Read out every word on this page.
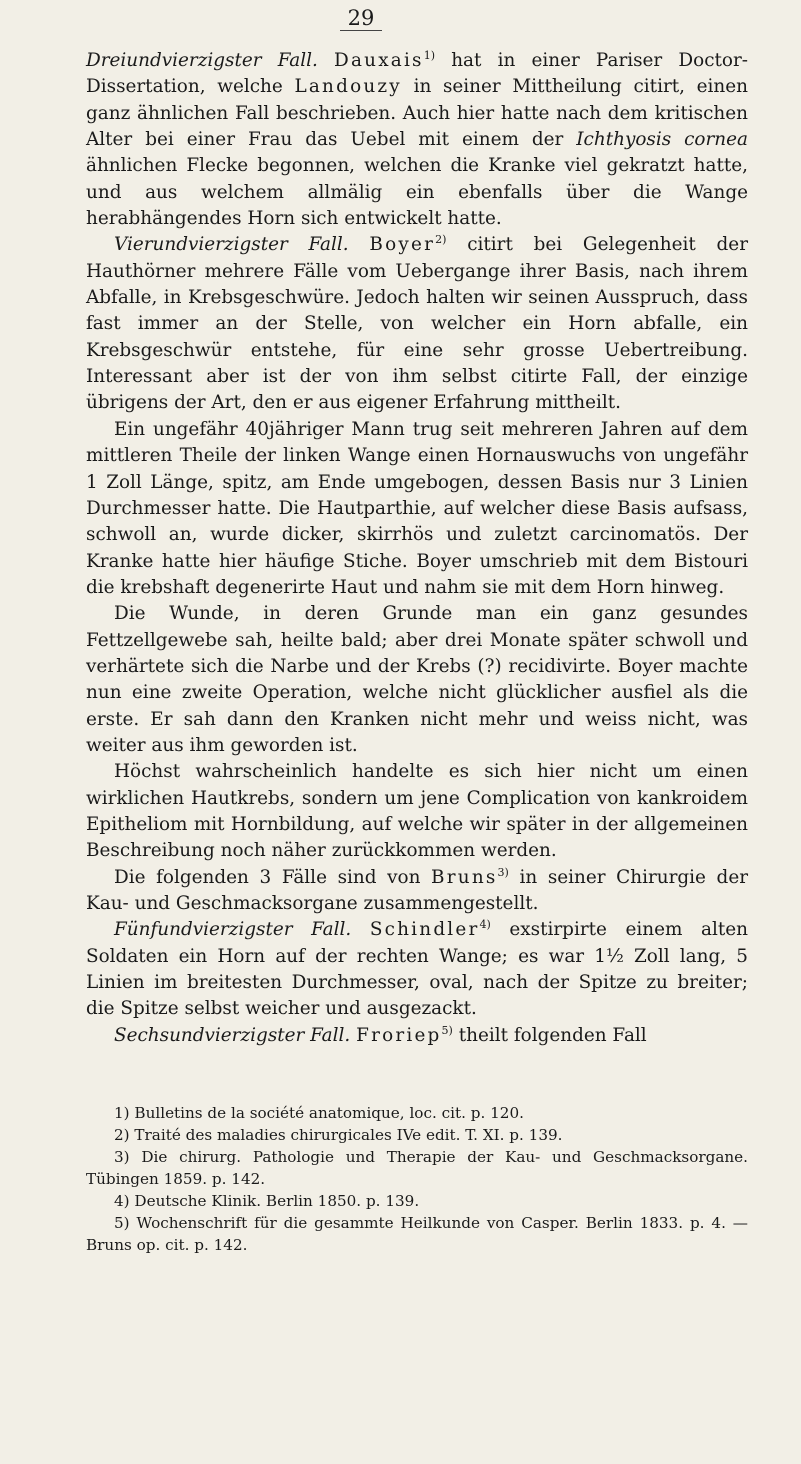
29

Dreiundvierzigster Fall. Dauxais$^{1)}$ hat in einer Pariser Doctor-Dissertation, welche Landouzy in seiner Mittheilung citirt, einen ganz ähnlichen Fall beschrieben. Auch hier hatte nach dem kritischen Alter bei einer Frau das Uebel mit einem der Ichthyosis cornea ähnlichen Flecke begonnen, welchen die Kranke viel gekratzt hatte, und aus welchem allmälig ein ebenfalls über die Wange herabhängendes Horn sich entwickelt hatte.

Vierundvierzigster Fall. Boyer$^{2)}$ citirt bei Gelegenheit der Hauthörner mehrere Fälle vom Uebergange ihrer Basis, nach ihrem Abfalle, in Krebsgeschwüre. Jedoch halten wir seinen Ausspruch, dass fast immer an der Stelle, von welcher ein Horn abfalle, ein Krebsgeschwür entstehe, für eine sehr grosse Uebertreibung. Interessant aber ist der von ihm selbst citirte Fall, der einzige übrigens der Art, den er aus eigener Erfahrung mittheilt.

Ein ungefähr 40jähriger Mann trug seit mehreren Jahren auf dem mittleren Theile der linken Wange einen Hornauswuchs von ungefähr 1 Zoll Länge, spitz, am Ende umgebogen, dessen Basis nur 3 Linien Durchmesser hatte. Die Hautparthie, auf welcher diese Basis aufsass, schwoll an, wurde dicker, skirrhös und zuletzt carcinomatös. Der Kranke hatte hier häufige Stiche. Boyer umschrieb mit dem Bistouri die krebshaft degenerirte Haut und nahm sie mit dem Horn hinweg.

Die Wunde, in deren Grunde man ein ganz gesundes Fettzellgewebe sah, heilte bald; aber drei Monate später schwoll und verhärtete sich die Narbe und der Krebs (?) recidivirte. Boyer machte nun eine zweite Operation, welche nicht glücklicher ausfiel als die erste. Er sah dann den Kranken nicht mehr und weiss nicht, was weiter aus ihm geworden ist.

Höchst wahrscheinlich handelte es sich hier nicht um einen wirklichen Hautkrebs, sondern um jene Complication von kankroidem Epitheliom mit Hornbildung, auf welche wir später in der allgemeinen Beschreibung noch näher zurückkommen werden.

Die folgenden 3 Fälle sind von Bruns$^{3)}$ in seiner Chirurgie der Kau- und Geschmacksorgane zusammengestellt.

Fünfundvierzigster Fall. Schindler$^{4)}$ exstirpirte einem alten Soldaten ein Horn auf der rechten Wange; es war 1½ Zoll lang, 5 Linien im breitesten Durchmesser, oval, nach der Spitze zu breiter; die Spitze selbst weicher und ausgezackt.

Sechsundvierzigster Fall. Froriep$^{5)}$ theilt folgenden Fall

1) Bulletins de la société anatomique, loc. cit. p. 120.

2) Traité des maladies chirurgicales IVe edit. T. XI. p. 139.

3) Die chirurg. Pathologie und Therapie der Kau- und Geschmacksorgane. Tübingen 1859. p. 142.

4) Deutsche Klinik. Berlin 1850. p. 139.

5) Wochenschrift für die gesammte Heilkunde von Casper. Berlin 1833. p. 4. — Bruns op. cit. p. 142.
